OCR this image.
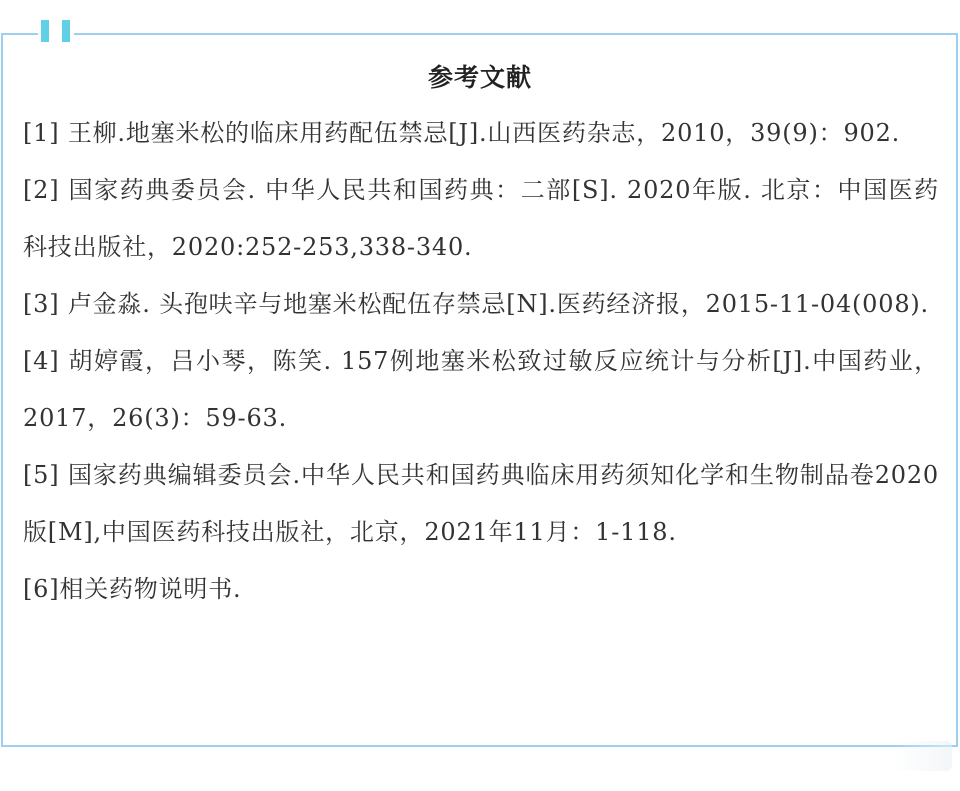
参考文献

[1] 王柳.地塞米松的临床用药配伍禁忌[J].山西医药杂志，2010，39(9)：902.

[2] 国家药典委员会. 中华人民共和国药典：二部[S]. 2020年版. 北京：中国医药科技出版社，2020:252-253,338-340.

[3] 卢金淼. 头孢呋辛与地塞米松配伍存禁忌[N].医药经济报，2015-11-04(008).

[4] 胡婷霞，吕小琴，陈笑. 157例地塞米松致过敏反应统计与分析[J].中国药业，2017，26(3)：59-63.

[5] 国家药典编辑委员会.中华人民共和国药典临床用药须知化学和生物制品卷2020版[M],中国医药科技出版社，北京，2021年11月：1-118.

[6]相关药物说明书.
